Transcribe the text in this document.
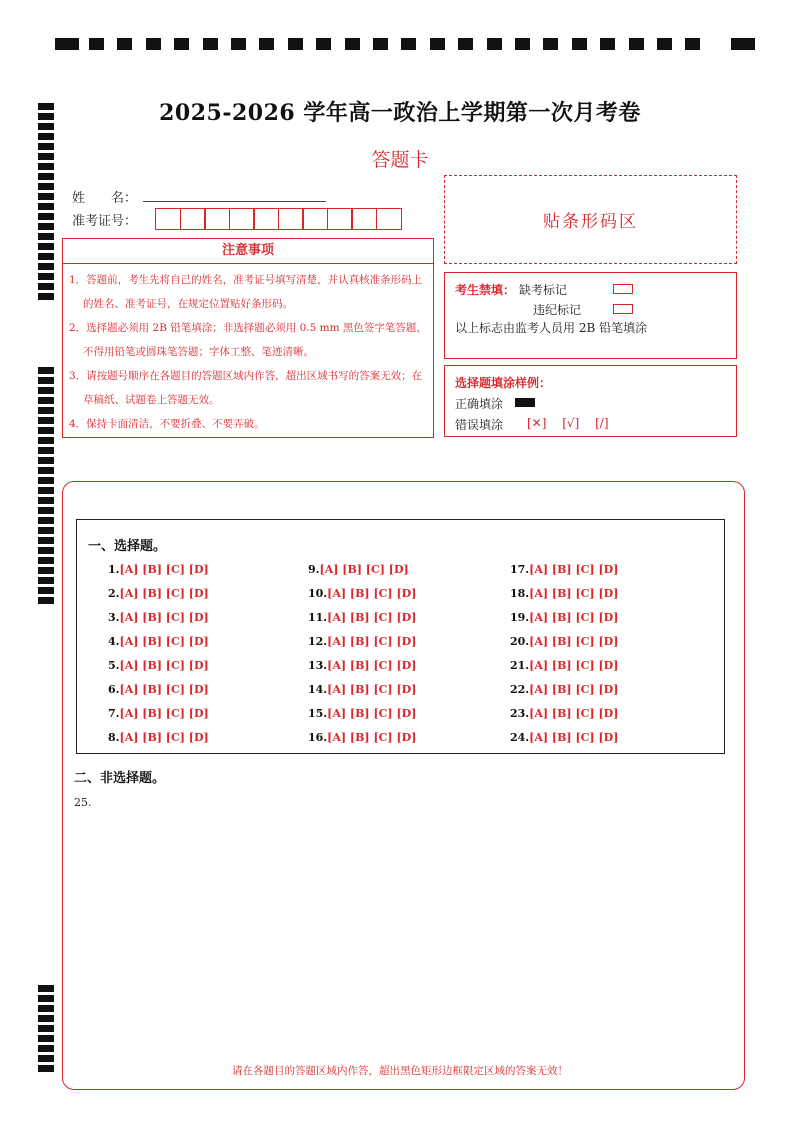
2025-2026 学年高一政治上学期第一次月考卷
答题卡
姓　　名：
准考证号：	贴条形码区
注意事项

1．答题前，考生先将自己的姓名，准考证号填写清楚，并认真核准条形码上的姓名、准考证号，在规定位置贴好条形码。

2．选择题必须用 2B 铅笔填涂；非选择题必须用 0.5 mm 黑色签字笔答题，不得用铅笔或圆珠笔答题；字体工整、笔迹清晰。

3．请按题号顺序在各题目的答题区域内作答，超出区域书写的答案无效；在草稿纸、试题卷上答题无效。

4．保持卡面清洁，不要折叠、不要弄破。

考生禁填： 缺考标记
违纪标记
以上标志由监考人员用 2B 铅笔填涂
选择题填涂样例：
正确填涂
错误填涂 [✕] [√] [/]
一、选择题。
1.[A] [B] [C] [D]
2.[A] [B] [C] [D]
3.[A] [B] [C] [D]
4.[A] [B] [C] [D]
5.[A] [B] [C] [D]
6.[A] [B] [C] [D]
7.[A] [B] [C] [D]
8.[A] [B] [C] [D]
9.[A] [B] [C] [D]
10.[A] [B] [C] [D]
11.[A] [B] [C] [D]
12.[A] [B] [C] [D]
13.[A] [B] [C] [D]
14.[A] [B] [C] [D]
15.[A] [B] [C] [D]
16.[A] [B] [C] [D]
17.[A] [B] [C] [D]
18.[A] [B] [C] [D]
19.[A] [B] [C] [D]
20.[A] [B] [C] [D]
21.[A] [B] [C] [D]
22.[A] [B] [C] [D]
23.[A] [B] [C] [D]
24.[A] [B] [C] [D]
二、非选择题。
25.
请在各题目的答题区域内作答，超出黑色矩形边框限定区域的答案无效！
